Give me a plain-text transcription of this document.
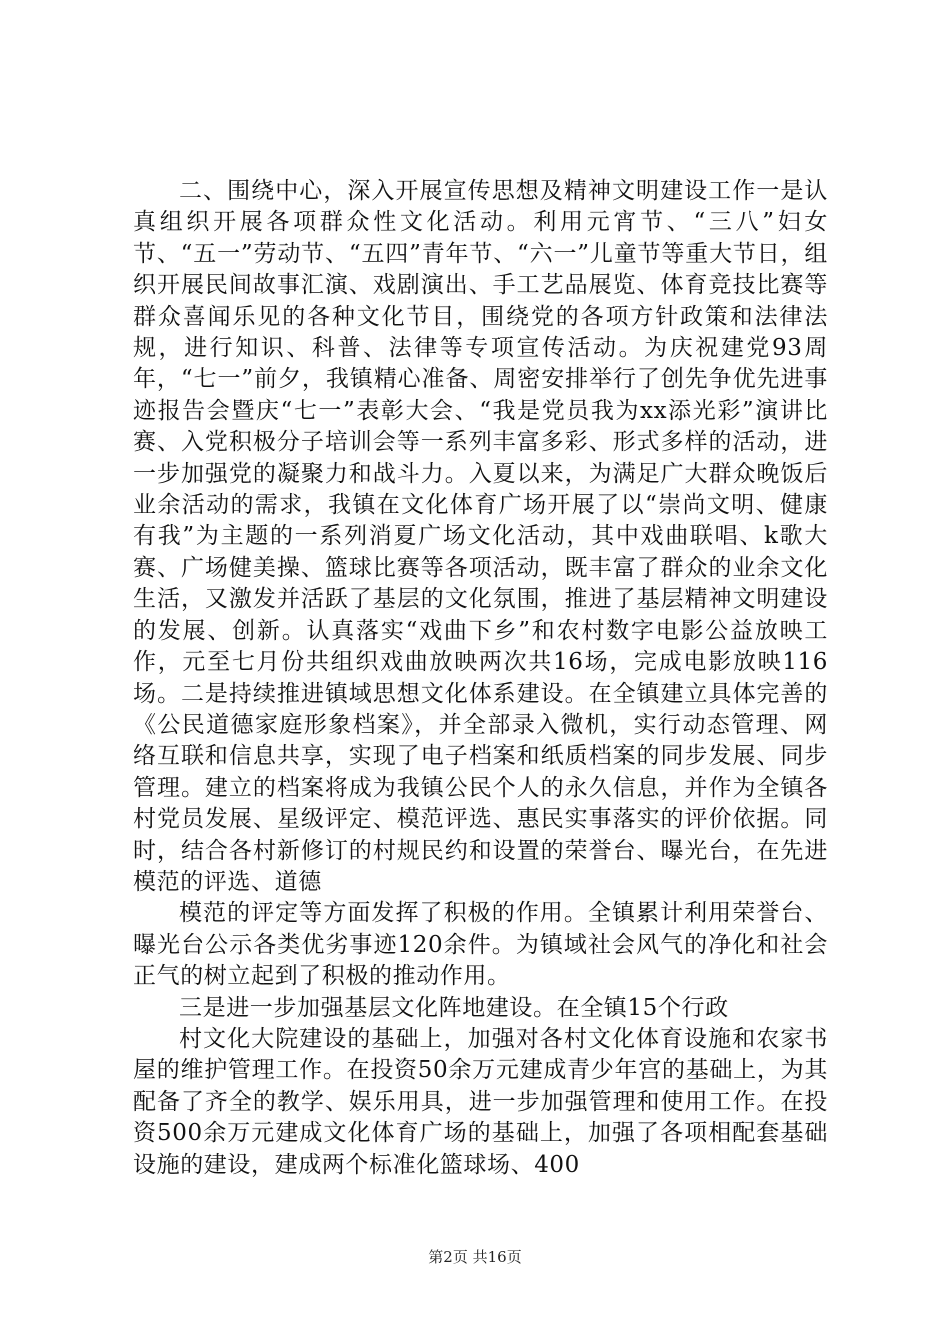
二、围绕中心，深入开展宣传思想及精神文明建设工作一是认真组织开展各项群众性文化活动。利用元宵节、“三八”妇女节、“五一”劳动节、“五四”青年节、“六一”儿童节等重大节日，组织开展民间故事汇演、戏剧演出、手工艺品展览、体育竞技比赛等群众喜闻乐见的各种文化节目，围绕党的各项方针政策和法律法规，进行知识、科普、法律等专项宣传活动。为庆祝建党93周年，“七一”前夕，我镇精心准备、周密安排举行了创先争优先进事迹报告会暨庆“七一”表彰大会、“我是党员我为xx添光彩”演讲比赛、入党积极分子培训会等一系列丰富多彩、形式多样的活动，进一步加强党的凝聚力和战斗力。入夏以来，为满足广大群众晚饭后业余活动的需求，我镇在文化体育广场开展了以“崇尚文明、健康有我”为主题的一系列消夏广场文化活动，其中戏曲联唱、k歌大赛、广场健美操、篮球比赛等各项活动，既丰富了群众的业余文化生活，又激发并活跃了基层的文化氛围，推进了基层精神文明建设的发展、创新。认真落实“戏曲下乡”和农村数字电影公益放映工作，元至七月份共组织戏曲放映两次共16场，完成电影放映116场。二是持续推进镇域思想文化体系建设。在全镇建立具体完善的《公民道德家庭形象档案》，并全部录入微机，实行动态管理、网络互联和信息共享，实现了电子档案和纸质档案的同步发展、同步管理。建立的档案将成为我镇公民个人的永久信息，并作为全镇各村党员发展、星级评定、模范评选、惠民实事落实的评价依据。同时，结合各村新修订的村规民约和设置的荣誉台、曝光台，在先进模范的评选、道德

模范的评定等方面发挥了积极的作用。全镇累计利用荣誉台、曝光台公示各类优劣事迹120余件。为镇域社会风气的净化和社会正气的树立起到了积极的推动作用。

三是进一步加强基层文化阵地建设。在全镇15个行政

村文化大院建设的基础上，加强对各村文化体育设施和农家书屋的维护管理工作。在投资50余万元建成青少年宫的基础上，为其配备了齐全的教学、娱乐用具，进一步加强管理和使用工作。在投资500余万元建成文化体育广场的基础上，加强了各项相配套基础设施的建设，建成两个标准化篮球场、400

第2页 共16页
